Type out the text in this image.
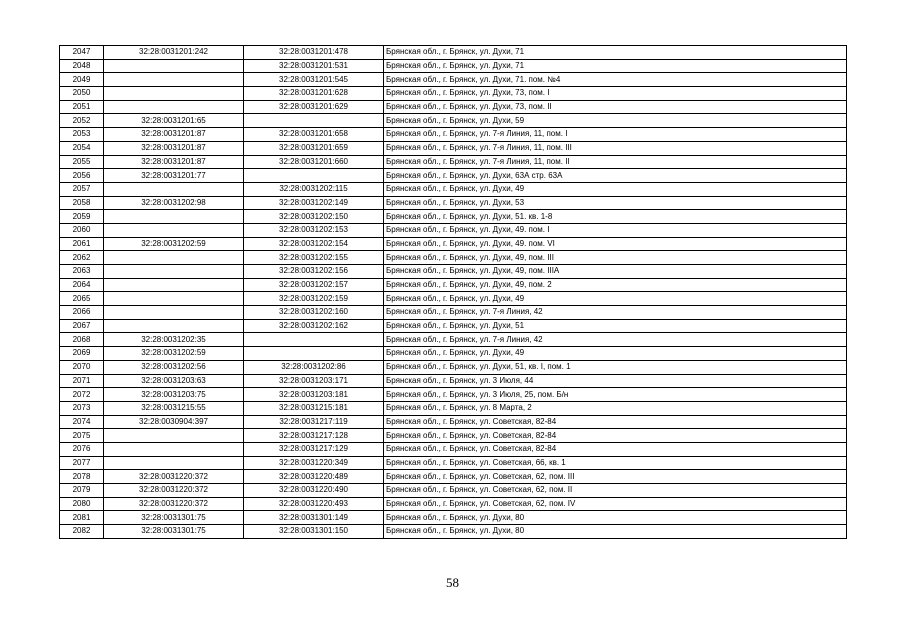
2047	32:28:0031201:242	32:28:0031201:478	Брянская обл., г. Брянск, ул. Духи, 71
2048		32:28:0031201:531	Брянская обл., г. Брянск, ул. Духи, 71
2049		32:28:0031201:545	Брянская обл., г. Брянск, ул. Духи, 71. пом. №4
2050		32:28:0031201:628	Брянская обл., г. Брянск, ул. Духи, 73, пом. I
2051		32:28:0031201:629	Брянская обл., г. Брянск, ул. Духи, 73, пом. II
2052	32:28:0031201:65		Брянская обл., г. Брянск, ул. Духи, 59
2053	32:28:0031201:87	32:28:0031201:658	Брянская обл., г. Брянск, ул. 7-я Линия, 11, пом. I
2054	32:28:0031201:87	32:28:0031201:659	Брянская обл., г. Брянск, ул. 7-я Линия, 11, пом. III
2055	32:28:0031201:87	32:28:0031201:660	Брянская обл., г. Брянск, ул. 7-я Линия, 11, пом. II
2056	32:28:0031201:77		Брянская обл., г. Брянск, ул. Духи, 63А стр. 63А
2057		32:28:0031202:115	Брянская обл., г. Брянск, ул. Духи, 49
2058	32:28:0031202:98	32:28:0031202:149	Брянская обл., г. Брянск, ул. Духи, 53
2059		32:28:0031202:150	Брянская обл., г. Брянск, ул. Духи, 51. кв. 1-8
2060		32:28:0031202:153	Брянская обл., г. Брянск, ул. Духи, 49. пом. I
2061	32:28:0031202:59	32:28:0031202:154	Брянская обл., г. Брянск, ул. Духи, 49. пом. VI
2062		32:28:0031202:155	Брянская обл., г. Брянск, ул. Духи, 49, пом. III
2063		32:28:0031202:156	Брянская обл., г. Брянск, ул. Духи, 49, пом. IIIА
2064		32:28:0031202:157	Брянская обл., г. Брянск, ул. Духи, 49, пом. 2
2065		32:28:0031202:159	Брянская обл., г. Брянск, ул. Духи, 49
2066		32:28:0031202:160	Брянская обл., г. Брянск, ул. 7-я Линия, 42
2067		32:28:0031202:162	Брянская обл., г. Брянск, ул. Духи, 51
2068	32:28:0031202:35		Брянская обл., г. Брянск, ул. 7-я Линия, 42
2069	32:28:0031202:59		Брянская обл., г. Брянск, ул. Духи, 49
2070	32:28:0031202:56	32:28:0031202:86	Брянская обл., г. Брянск, ул. Духи, 51, кв. I, пом. 1
2071	32:28:0031203:63	32:28:0031203:171	Брянская обл., г. Брянск, ул. 3 Июля, 44
2072	32:28:0031203:75	32:28:0031203:181	Брянская обл., г. Брянск, ул. 3 Июля, 25, пом. Б/н
2073	32:28:0031215:55	32:28:0031215:181	Брянская обл., г. Брянск, ул. 8 Марта, 2
2074	32:28:0030904:397	32:28:0031217:119	Брянская обл., г. Брянск, ул. Советская, 82-84
2075		32:28:0031217:128	Брянская обл., г. Брянск, ул. Советская, 82-84
2076		32:28:0031217:129	Брянская обл., г. Брянск, ул. Советская, 82-84
2077		32:28:0031220:349	Брянская обл., г. Брянск, ул. Советская, 66, кв. 1
2078	32:28:0031220:372	32:28:0031220:489	Брянская обл., г. Брянск, ул. Советская, 62, пом. III
2079	32:28:0031220:372	32:28:0031220:490	Брянская обл., г. Брянск, ул. Советская, 62, пом. II
2080	32:28:0031220:372	32:28:0031220:493	Брянская обл., г. Брянск, ул. Советская, 62, пом. IV
2081	32:28:0031301:75	32:28:0031301:149	Брянская обл., г. Брянск, ул. Духи, 80
2082	32:28:0031301:75	32:28:0031301:150	Брянская обл., г. Брянск, ул. Духи, 80
58
